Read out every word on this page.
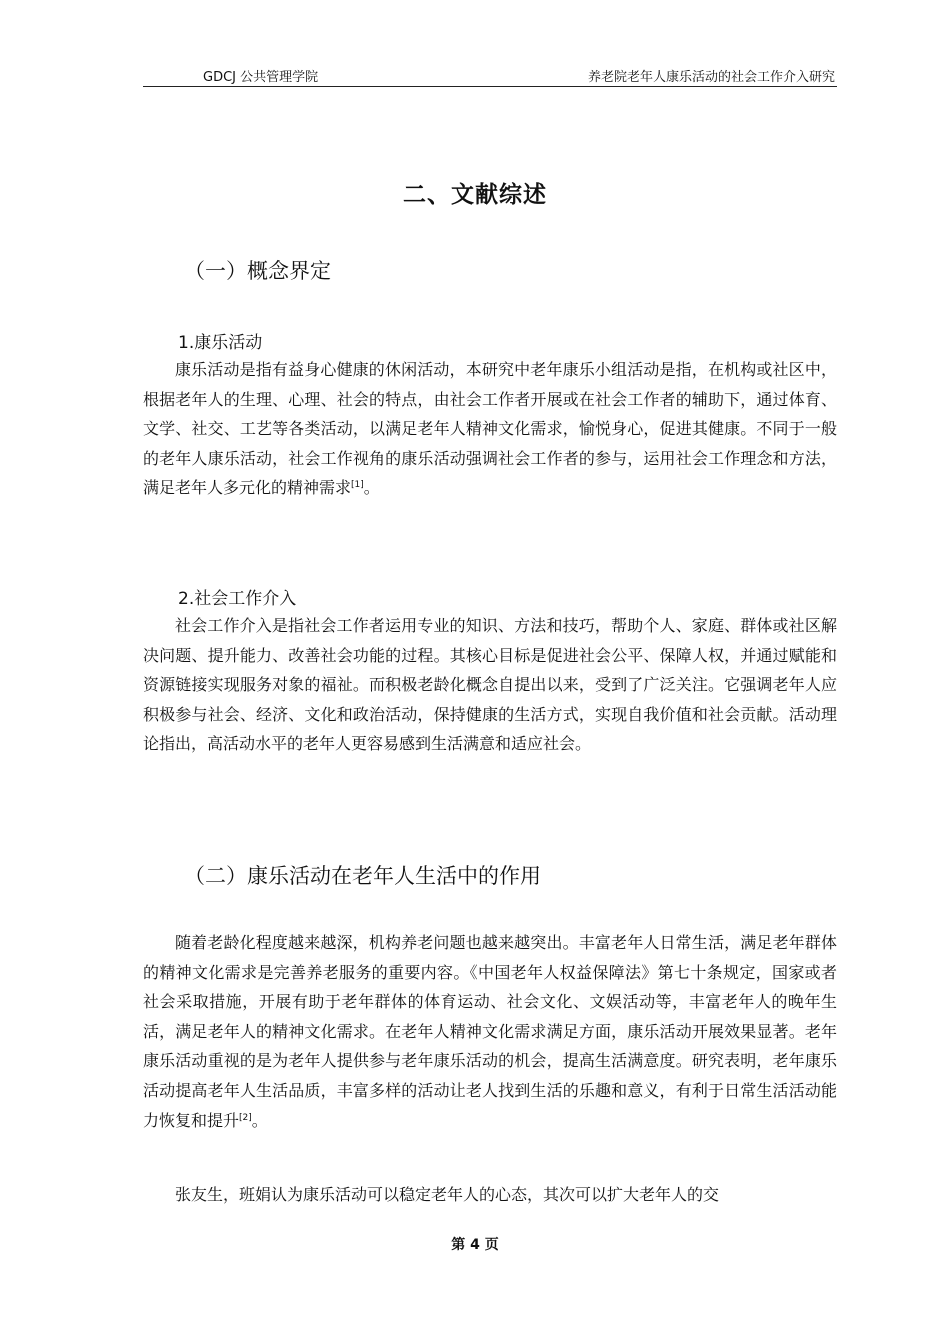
GDCJ 公共管理学院	养老院老年人康乐活动的社会工作介入研究
二、文献综述
（一）概念界定
1.康乐活动

康乐活动是指有益身心健康的休闲活动，本研究中老年康乐小组活动是指，在机构或社区中，根据老年人的生理、心理、社会的特点，由社会工作者开展或在社会工作者的辅助下，通过体育、文学、社交、工艺等各类活动，以满足老年人精神文化需求，愉悦身心，促进其健康。不同于一般的老年人康乐活动，社会工作视角的康乐活动强调社会工作者的参与，运用社会工作理念和方法，满足老年人多元化的精神需求[1]。

2.社会工作介入

社会工作介入是指社会工作者运用专业的知识、方法和技巧，帮助个人、家庭、群体或社区解决问题、提升能力、改善社会功能的过程。其核心目标是促进社会公平、保障人权，并通过赋能和资源链接实现服务对象的福祉。而积极老龄化概念自提出以来，受到了广泛关注。它强调老年人应积极参与社会、经济、文化和政治活动，保持健康的生活方式，实现自我价值和社会贡献。活动理论指出，高活动水平的老年人更容易感到生活满意和适应社会。

（二）康乐活动在老年人生活中的作用

随着老龄化程度越来越深，机构养老问题也越来越突出。丰富老年人日常生活，满足老年群体的精神文化需求是完善养老服务的重要内容。《中国老年人权益保障法》第七十条规定，国家或者社会采取措施，开展有助于老年群体的体育运动、社会文化、文娱活动等，丰富老年人的晚年生活，满足老年人的精神文化需求。在老年人精神文化需求满足方面，康乐活动开展效果显著。老年康乐活动重视的是为老年人提供参与老年康乐活动的机会，提高生活满意度。研究表明，老年康乐活动提高老年人生活品质，丰富多样的活动让老人找到生活的乐趣和意义，有利于日常生活活动能力恢复和提升[2]。

张友生，班娟认为康乐活动可以稳定老年人的心态，其次可以扩大老年人的交

第 4 页
